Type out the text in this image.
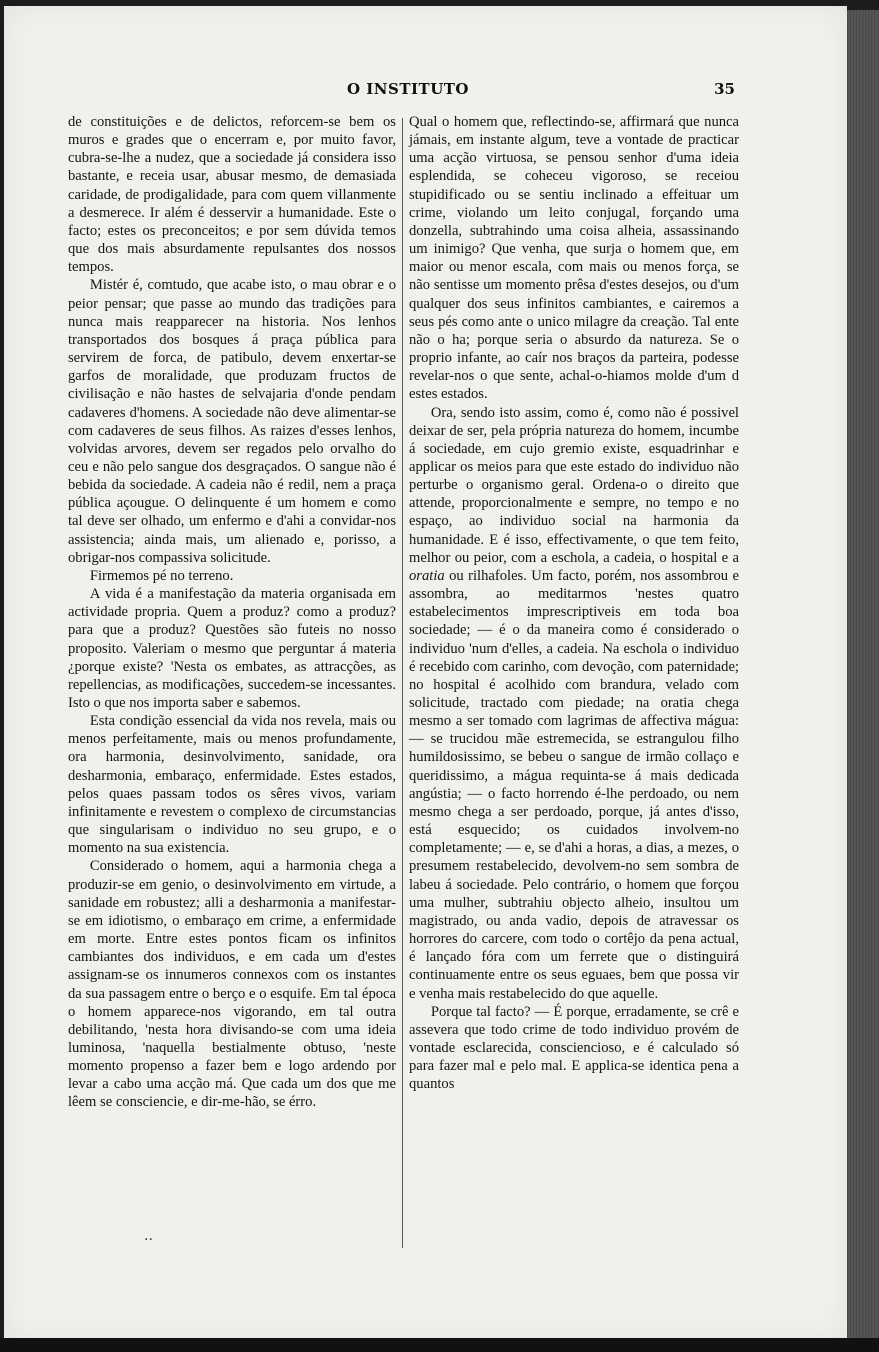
O INSTITUTO	35

de constituições e de delictos, reforcem-se bem os muros e grades que o encerram e, por muito favor, cubra-se-lhe a nudez, que a sociedade já considera isso bastante, e receia usar, abusar mesmo, de demasiada caridade, de prodigalidade, para com quem villanmente a desmerece. Ir além é desservir a humanidade. Este o facto; estes os preconceitos; e por sem dúvida temos que dos mais absurdamente repulsantes dos nossos tempos.

Mistér é, comtudo, que acabe isto, o mau obrar e o peior pensar; que passe ao mundo das tradições para nunca mais reapparecer na historia. Nos lenhos transportados dos bosques á praça pública para servirem de forca, de patibulo, devem enxertar-se garfos de moralidade, que produzam fructos de civilisação e não hastes de selvajaria d'onde pendam cadaveres d'homens. A sociedade não deve alimentar-se com cadaveres de seus filhos. As raizes d'esses lenhos, volvidas arvores, devem ser regados pelo orvalho do ceu e não pelo sangue dos desgraçados. O sangue não é bebida da sociedade. A cadeia não é redil, nem a praça pública açougue. O delinquente é um homem e como tal deve ser olhado, um enfermo e d'ahi a convidar-nos assistencia; ainda mais, um alienado e, porisso, a obrigar-nos compassiva solicitude.

Firmemos pé no terreno.

A vida é a manifestação da materia organisada em actividade propria. Quem a produz? como a produz? para que a produz? Questões são futeis no nosso proposito. Valeriam o mesmo que perguntar á materia ¿porque existe? 'Nesta os embates, as attracções, as repellencias, as modificações, succedem-se incessantes. Isto o que nos importa saber e sabemos.

Esta condição essencial da vida nos revela, mais ou menos perfeitamente, mais ou menos profundamente, ora harmonia, desinvolvimento, sanidade, ora desharmonia, embaraço, enfermidade. Estes estados, pelos quaes passam todos os sêres vivos, variam infinitamente e revestem o complexo de circumstancias que singularisam o individuo no seu grupo, e o momento na sua existencia.

Considerado o homem, aqui a harmonia chega a produzir-se em genio, o desinvolvimento em virtude, a sanidade em robustez; alli a desharmonia a manifestar-se em idiotismo, o embaraço em crime, a enfermidade em morte. Entre estes pontos ficam os infinitos cambiantes dos individuos, e em cada um d'estes assignam-se os innumeros connexos com os instantes da sua passagem entre o berço e o esquife. Em tal época o homem apparece-nos vigorando, em tal outra debilitando, 'nesta hora divisando-se com uma ideia luminosa, 'naquella bestialmente obtuso, 'neste momento propenso a fazer bem e logo ardendo por levar a cabo uma acção má. Que cada um dos que me lêem se consciencie, e dir-me-hão, se érro.

Qual o homem que, reflectindo-se, affirmará que nunca jámais, em instante algum, teve a vontade de practicar uma acção virtuosa, se pensou senhor d'uma ideia esplendida, se coheceu vigoroso, se receiou stupidificado ou se sentiu inclinado a effeituar um crime, violando um leito conjugal, forçando uma donzella, subtrahindo uma coisa alheia, assassinando um inimigo? Que venha, que surja o homem que, em maior ou menor escala, com mais ou menos força, se não sentisse um momento prêsa d'estes desejos, ou d'um qualquer dos seus infinitos cambiantes, e cairemos a seus pés como ante o unico milagre da creação. Tal ente não o ha; porque seria o absurdo da natureza. Se o proprio infante, ao caír nos braços da parteira, podesse revelar-nos o que sente, achal-o-hiamos molde d'um d estes estados.

Ora, sendo isto assim, como é, como não é possivel deixar de ser, pela própria natureza do homem, incumbe á sociedade, em cujo gremio existe, esquadrinhar e applicar os meios para que este estado do individuo não perturbe o organismo geral. Ordena-o o direito que attende, proporcionalmente e sempre, no tempo e no espaço, ao individuo social na harmonia da humanidade. E é isso, effectivamente, o que tem feito, melhor ou peior, com a eschola, a cadeia, o hospital e a oratia ou rilhafoles. Um facto, porém, nos assombrou e assombra, ao meditarmos 'nestes quatro estabelecimentos imprescriptiveis em toda boa sociedade; — é o da maneira como é considerado o individuo 'num d'elles, a cadeia. Na eschola o individuo é recebido com carinho, com devoção, com paternidade; no hospital é acolhido com brandura, velado com solicitude, tractado com piedade; na oratia chega mesmo a ser tomado com lagrimas de affectiva mágua: — se trucidou mãe estremecida, se estrangulou filho humildosissimo, se bebeu o sangue de irmão collaço e queridissimo, a mágua requinta-se á mais dedicada angústia; — o facto horrendo é-lhe perdoado, ou nem mesmo chega a ser perdoado, porque, já antes d'isso, está esquecido; os cuidados involvem-no completamente; — e, se d'ahi a horas, a dias, a mezes, o presumem restabelecido, devolvem-no sem sombra de labeu á sociedade. Pelo contrário, o homem que forçou uma mulher, subtrahiu objecto alheio, insultou um magistrado, ou anda vadio, depois de atravessar os horrores do carcere, com todo o cortêjo da pena actual, é lançado fóra com um ferrete que o distinguirá continuamente entre os seus eguaes, bem que possa vir e venha mais restabelecido do que aquelle.

Porque tal facto? — É porque, erradamente, se crê e assevera que todo crime de todo individuo provém de vontade esclarecida, consciencioso, e é calculado só para fazer mal e pelo mal. E applica-se identica pena a quantos

..
